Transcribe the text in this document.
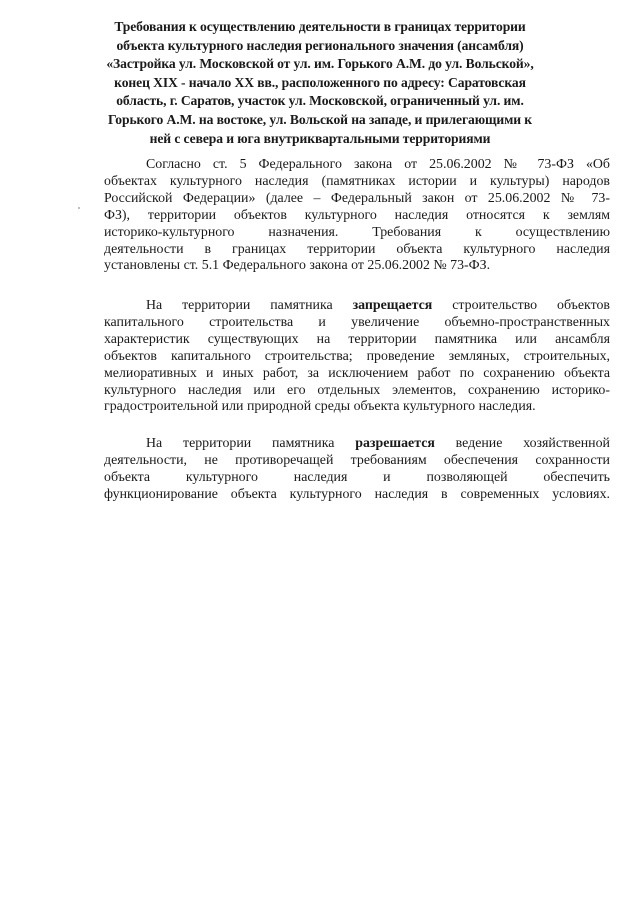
Требования к осуществлению деятельности в границах территории
объекта культурного наследия регионального значения (ансамбля)
«Застройка ул. Московской от ул. им. Горького А.М. до ул. Вольской»,
конец XIX - начало XX вв., расположенного по адресу: Саратовская
область, г. Саратов, участок ул. Московской, ограниченный ул. им.
Горького А.М. на востоке, ул. Вольской на западе, и прилегающими к
ней с севера и юга внутриквартальными территориями
Согласно ст. 5 Федерального закона от 25.06.2002 № 73-ФЗ «Об
объектах культурного наследия (памятниках истории и культуры) народов
Российской Федерации» (далее – Федеральный закон от 25.06.2002 № 73-
ФЗ), территории объектов культурного наследия относятся к землям
историко-культурного назначения. Требования к осуществлению
деятельности в границах территории объекта культурного наследия
установлены ст. 5.1 Федерального закона от 25.06.2002 № 73-ФЗ.
На территории памятника запрещается строительство объектов
капитального строительства и увеличение объемно-пространственных
характеристик существующих на территории памятника или ансамбля
объектов капитального строительства; проведение земляных, строительных,
мелиоративных и иных работ, за исключением работ по сохранению объекта
культурного наследия или его отдельных элементов, сохранению историко-
градостроительной или природной среды объекта культурного наследия.
На территории памятника разрешается ведение хозяйственной
деятельности, не противоречащей требованиям обеспечения сохранности
объекта культурного наследия и позволяющей обеспечить
функционирование объекта культурного наследия в современных условиях.
